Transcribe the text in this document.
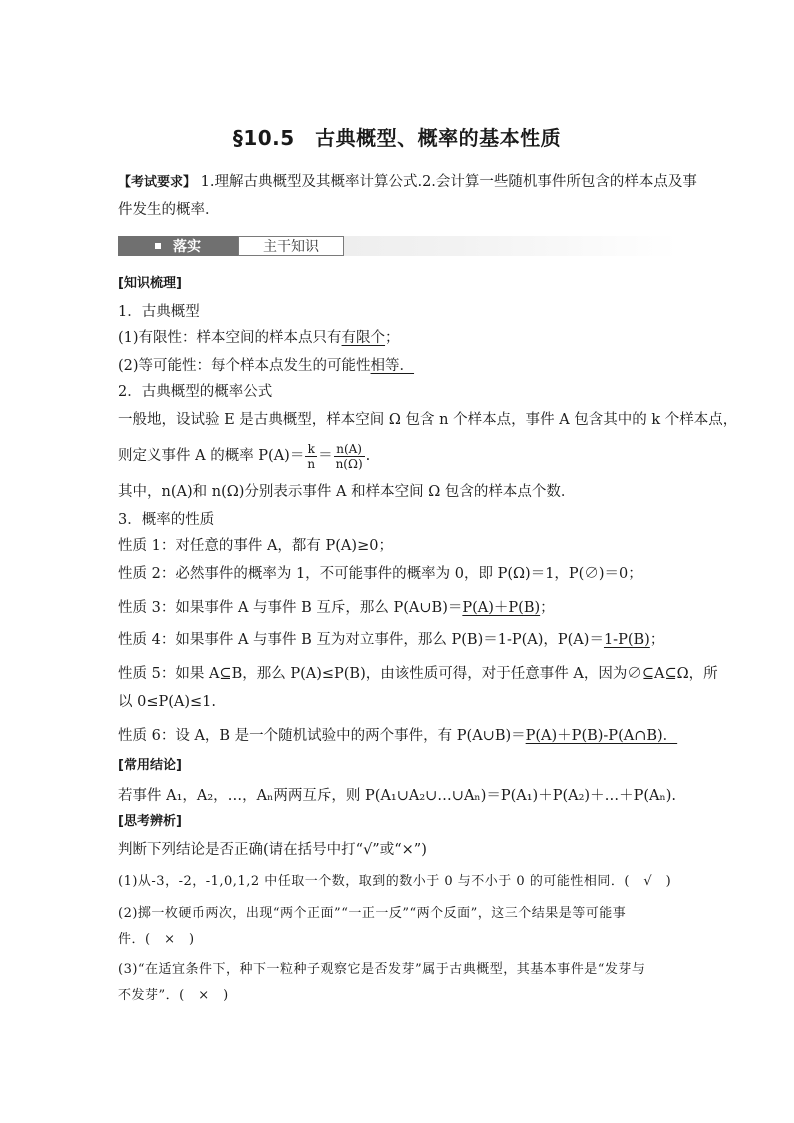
§10.5　古典概型、概率的基本性质
【考试要求】 1.理解古典概型及其概率计算公式.2.会计算一些随机事件所包含的样本点及事
件发生的概率．
落实	主干知识
[知识梳理]
1．古典概型
(1)有限性：样本空间的样本点只有有限个；
(2)等可能性：每个样本点发生的可能性相等．
2．古典概型的概率公式
一般地，设试验 E 是古典概型，样本空间 Ω 包含 n 个样本点，事件 A 包含其中的 k 个样本点，
则定义事件 A 的概率 $P(A)= \frac{k}{n} = \frac{n(A)}{n(\Omega)}$ .
其中，n(A)和 n(Ω)分别表示事件 A 和样本空间 Ω 包含的样本点个数．
3．概率的性质
性质 1：对任意的事件 A，都有 P(A)≥0；
性质 2：必然事件的概率为 1，不可能事件的概率为 0，即 P(Ω)＝1，P(∅)＝0；
性质 3：如果事件 A 与事件 B 互斥，那么 P(A∪B)＝P(A)＋P(B)；
性质 4：如果事件 A 与事件 B 互为对立事件，那么 P(B)＝1-P(A)，P(A)＝1-P(B)；
性质 5：如果 A⊆B，那么 P(A)≤P(B)，由该性质可得，对于任意事件 A，因为∅⊆A⊆Ω，所
以 0≤P(A)≤1.
性质 6：设 A，B 是一个随机试验中的两个事件，有 P(A∪B)＝P(A)＋P(B)-P(A∩B)．
[常用结论]
若事件 A₁，A₂，…，Aₙ两两互斥，则 P(A₁∪A₂∪…∪Aₙ)＝P(A₁)＋P(A₂)＋…＋P(Aₙ).
[思考辨析]
判断下列结论是否正确(请在括号中打“√”或“×”)
(1)从-3，-2，-1,0,1,2 中任取一个数，取到的数小于 0 与不小于 0 的可能性相同．(　√　)
(2)掷一枚硬币两次，出现“两个正面”“一正一反”“两个反面”，这三个结果是等可能事
件．(　×　)
(3)“在适宜条件下，种下一粒种子观察它是否发芽”属于古典概型，其基本事件是“发芽与
不发芽”．(　×　)
